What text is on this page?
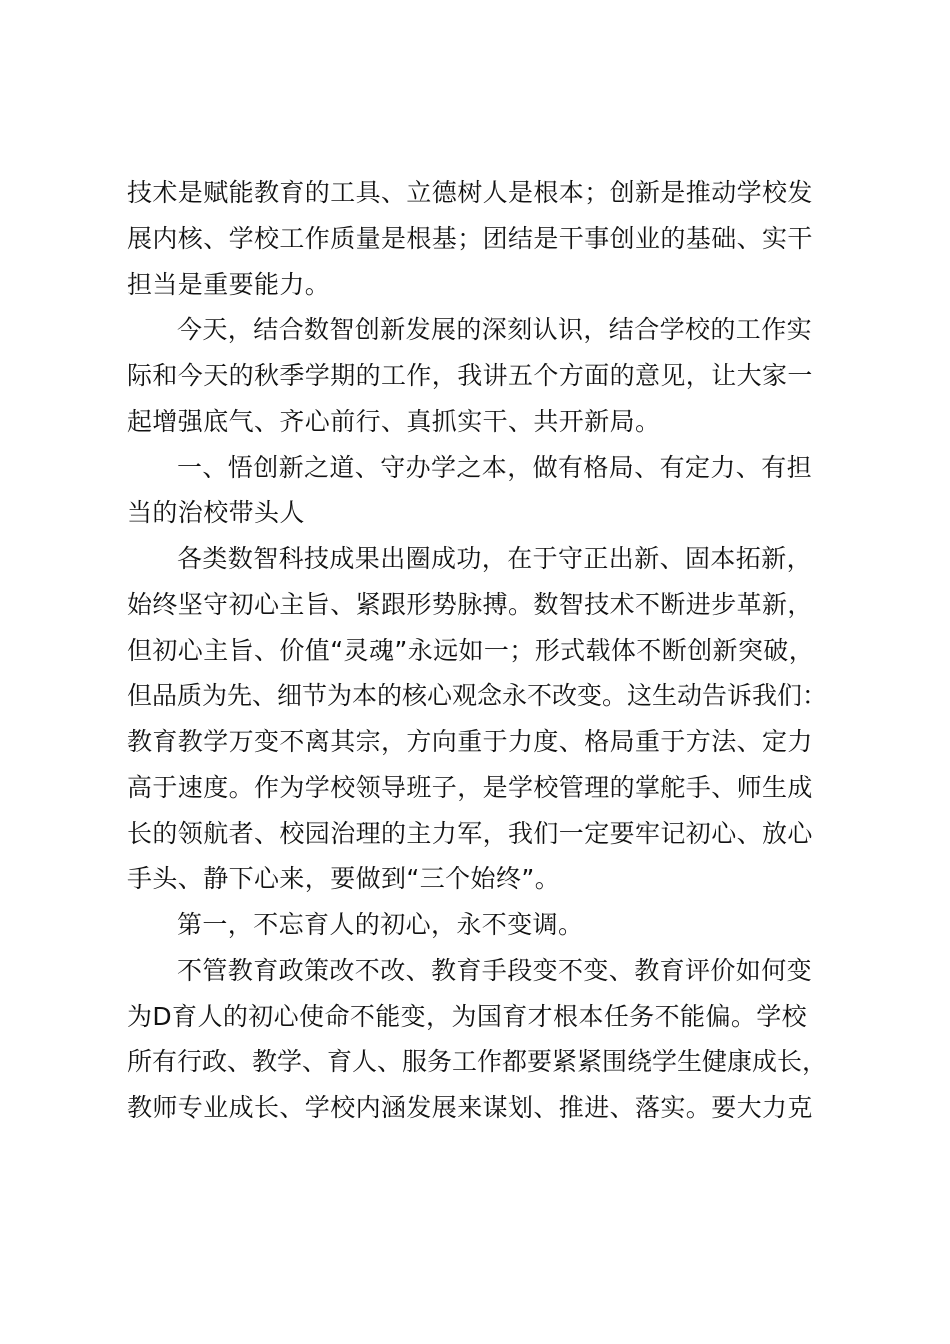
技术是赋能教育的工具、立德树人是根本；创新是推动学校发

展内核、学校工作质量是根基；团结是干事创业的基础、实干

担当是重要能力。

今天，结合数智创新发展的深刻认识，结合学校的工作实

际和今天的秋季学期的工作，我讲五个方面的意见，让大家一

起增强底气、齐心前行、真抓实干、共开新局。

一、悟创新之道、守办学之本，做有格局、有定力、有担

当的治校带头人

各类数智科技成果出圈成功，在于守正出新、固本拓新，

始终坚守初心主旨、紧跟形势脉搏。数智技术不断进步革新，

但初心主旨、价值“灵魂”永远如一；形式载体不断创新突破，

但品质为先、细节为本的核心观念永不改变。这生动告诉我们：

教育教学万变不离其宗，方向重于力度、格局重于方法、定力

高于速度。作为学校领导班子，是学校管理的掌舵手、师生成

长的领航者、校园治理的主力军，我们一定要牢记初心、放心

手头、静下心来，要做到“三个始终”。

第一，不忘育人的初心，永不变调。

不管教育政策改不改、教育手段变不变、教育评价如何变

为D育人的初心使命不能变，为国育才根本任务不能偏。学校

所有行政、教学、育人、服务工作都要紧紧围绕学生健康成长，

教师专业成长、学校内涵发展来谋划、推进、落实。要大力克
